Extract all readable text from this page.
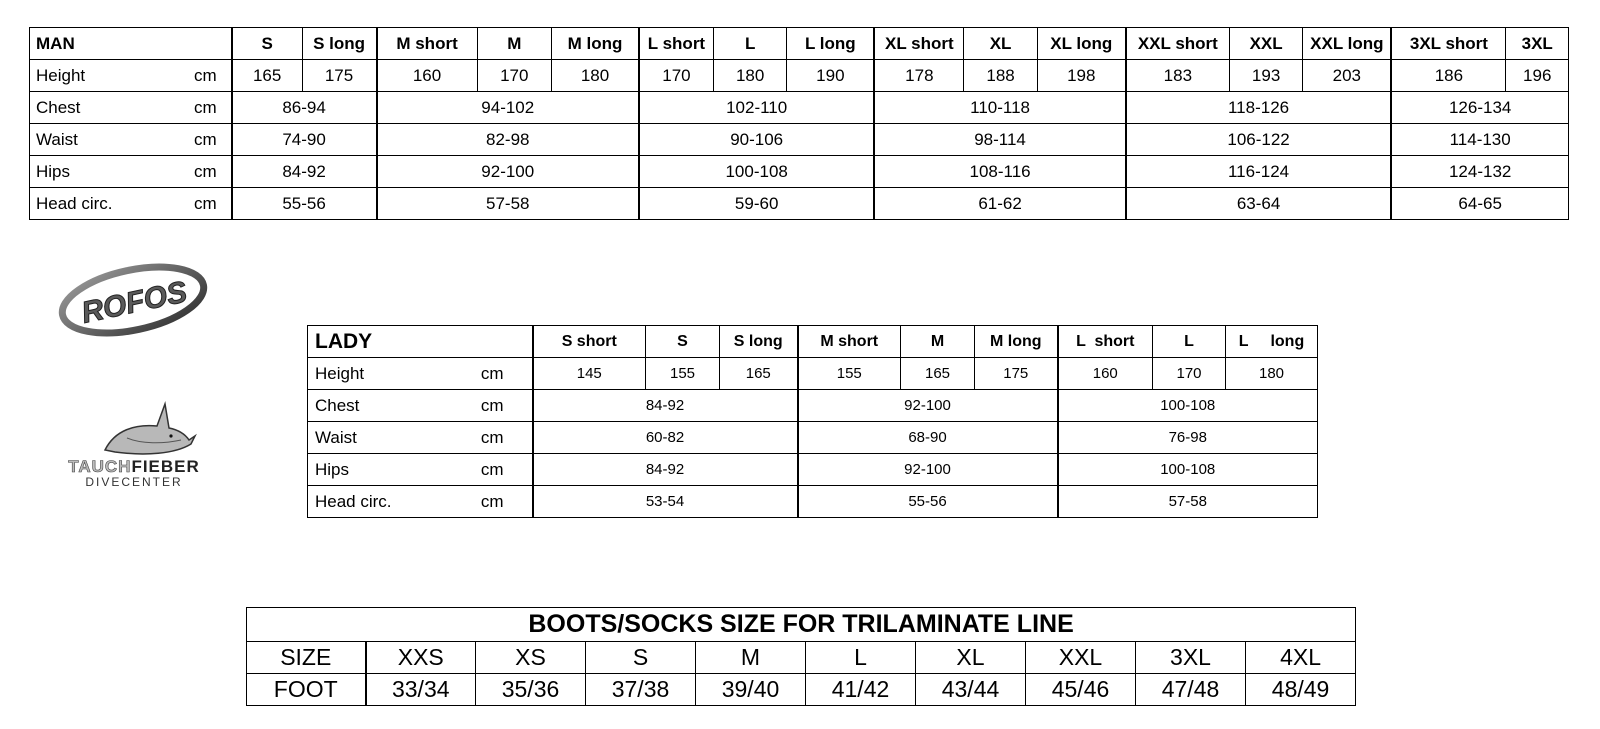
MAN	S	S long	M short	M	M long	L short	L	L long	XL short	XL	XL long	XXL short	XXL	XXL long	3XL short	3XL

Height cm	165	175	160	170	180	170	180	190	178	188	198	183	193	203	186	196

Chest cm	86-94		94-102			102-110			110-118			118-126			126-134	

Waist cm	74-90		82-98			90-106			98-114			106-122			114-130	

Hips cm	84-92		92-100			100-108			108-116			116-124			124-132	

Head circ. cm	55-56		57-58			59-60			61-62			63-64			64-65	
ROFOS
TAUCHFIEBER
DIVECENTER
LADY	S short	S	S long	M short	M	M long	L  short	L	L     long

Height cm	145	155	165	155	165	175	160	170	180

Chest cm	84-92			92-100			100-108		

Waist cm	60-82			68-90			76-98		

Hips cm	84-92			92-100			100-108		

Head circ. cm	53-54			55-56			57-58		
BOOTS/SOCKS SIZE FOR TRILAMINATE LINE									
SIZE	XXS	XS	S	M	L	XL	XXL	3XL	4XL
FOOT	33/34	35/36	37/38	39/40	41/42	43/44	45/46	47/48	48/49
